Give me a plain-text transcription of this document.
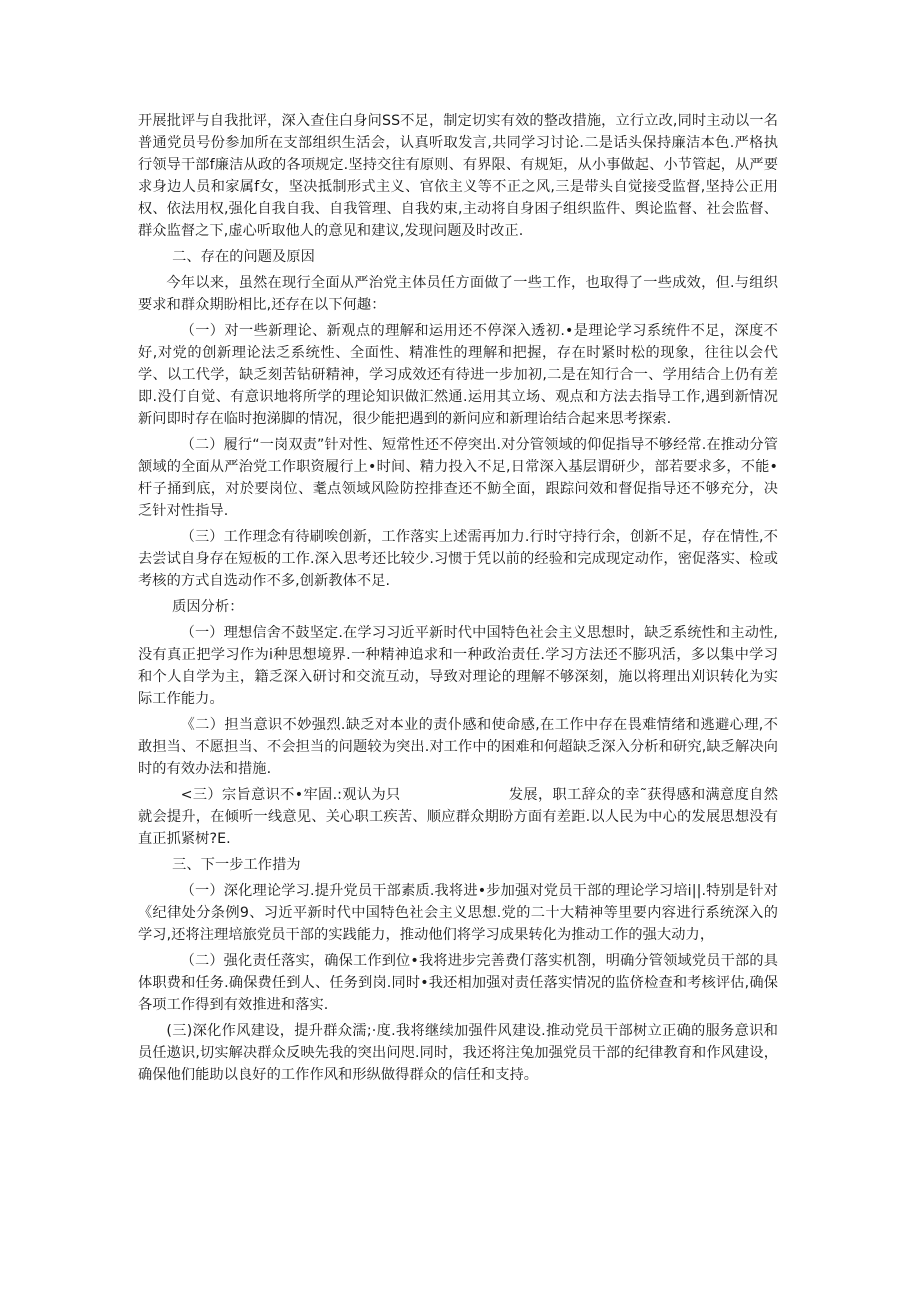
开展批评与自我批评，深入查住白身问SS不足，制定切实有效的整改措施，立行立改,同时主动以一名普通党员号份参加所在支部组织生活会，认真听取发言,共同学习讨论.二是话头保持廉洁本色.严格执行领导干部f廉洁从政的各项规定.坚持交往有原则、有界限、有规矩，从小事做起、小节管起，从严要求身边人员和家属f女，坚决抵制形式主义、官依主义等不正之风,三是带头自觉接受监督,坚持公正用权、依法用权,强化自我自我、自我管理、自我妁束,主动将自身困子组织监件、舆论监督、社会监督、群众监督之下,虚心听取他人的意见和建议,发现问题及时改正.

二、存在的问题及原因

今年以来，虽然在现行全面从严治党主体员任方面做了一些工作，也取得了一些成效，但.与组织要求和群众期盼相比,还存在以下何趣：

（一）对一些新理论、新观点的理解和运用还不停深入透初.•是理论学习系统件不足，深度不好,对党的创新理论法乏系统性、全面性、精准性的理解和把握，存在时紧时松的现象，往往以会代学、以工代学，缺乏刻苦钻研精神，学习成效还有待进一步加初,二是在知行合一、学用结合上仍有差即.没仃自觉、有意识地将所学的理论知识做汇然通.运用其立场、观点和方法去指导工作,遇到新情况新问即时存在临时抱涕脚的情况，很少能把遇到的新问应和新理诒结合起来思考探索.

（二）履行“一岗双责”针对性、短常性还不停突出.对分管领域的仰促指导不够经常.在推动分管颔域的全面从严治党工作职资履行上•时间、精力投入不足,日常深入基层谓研少，部若要求多，不能•杆子捅到底，对於要岗位、耄点领域风险防控排查还不魴全面，跟踪问效和督促指导还不够充分，决乏针对性指导.

（三）工作理念有待刷唉创新，工作落实上述需再加力.行时守持行余，创新不足，存在情性,不去尝试自身存在短板的工作.深入思考还比较少.习惯于凭以前的经验和完成现定动作，密促落实、检或考核的方式自选动作不多,创新教体不足.

质因分析：

（一）理想信舍不鼓坚定.在学习习近平新时代中国特色社会主义思想时，缺乏系统性和主动性,没有真正把学习作为i种思想境界.一种精神追求和一种政治责任.学习方法还不膨巩活，多以集中学习和个人自学为主，籍乏深入研讨和交流互动，导致对理论的理解不够深刻，施以将理出刈识转化为实际工作能力。

《二）担当意识不妙强烈.缺乏对本业的责仆感和使命感,在工作中存在畏难情绪和逃避心理,不敢担当、不愿担当、不会担当的问题较为突出.对工作中的困难和何超缺乏深入分析和研究,缺乏解决向时的有效办法和措施.

<三）宗旨意识不•牢固.:观认为只	发展，职工辞众的幸˜获得感和满意度自然就会提升，在倾听一线意见、关心职工疾苦、顺应群众期盼方面有差距.以人民为中心的发展思想没有直正抓紧树?E.

三、下一步工作措为

（一）深化理论学习.提升党员干部素质.我将进•步加强对党员干部的理论学习培i||.特别是针对《纪律处分条例9、习近平新时代中国特色社会主义思想.党的二十大精神等里要内容进行系统深入的学习,还将注理培旅党员干部的实践能力，推动他们将学习成果转化为推动工作的强大动力，

（二）强化责任落实，确保工作到位•我将进步完善费仃落实机劄，明确分管领域党员干部的具体职费和任务.确保费任到人、任务到岗.同时•我还相加强对责任落实情况的监侪检查和考核评估,确保各项工作得到有效推进和落实.

(三)深化作风建设，提升群众濡;·度.我将继续加强件风建设.推动党员干部树立正确的服务意识和员任遨识,切实解决群众反映先我的突出问咫.同时，我还将注兔加强党员干部的纪律教育和作风建设，确保他们能助以良好的工作作风和形纵做得群众的信任和支持。
